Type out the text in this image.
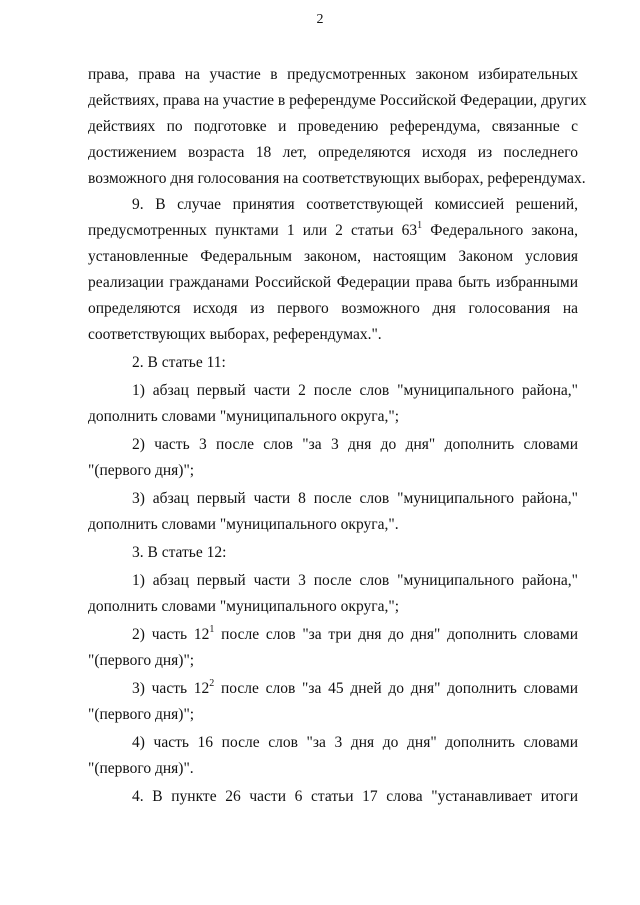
2
права, права на участие в предусмотренных законом избирательных
действиях, права на участие в референдуме Российской Федерации, других
действиях по подготовке и проведению референдума, связанные с
достижением возраста 18 лет, определяются исходя из последнего
возможного дня голосования на соответствующих выборах, референдумах.
9. В случае принятия соответствующей комиссией решений,
предусмотренных пунктами 1 или 2 статьи $63^1$ Федерального закона,
установленные Федеральным законом, настоящим Законом условия
реализации гражданами Российской Федерации права быть избранными
определяются исходя из первого возможного дня голосования на
соответствующих выборах, референдумах.".
2. В статье 11:
1) абзац первый части 2 после слов "муниципального района,"
дополнить словами "муниципального округа,";
2) часть 3 после слов "за 3 дня до дня" дополнить словами
"(первого дня)";
3) абзац первый части 8 после слов "муниципального района,"
дополнить словами "муниципального округа,".
3. В статье 12:
1) абзац первый части 3 после слов "муниципального района,"
дополнить словами "муниципального округа,";
2) часть $12^1$ после слов "за три дня до дня" дополнить словами
"(первого дня)";
3) часть $12^2$ после слов "за 45 дней до дня" дополнить словами
"(первого дня)";
4) часть 16 после слов "за 3 дня до дня" дополнить словами
"(первого дня)".
4. В пункте 26 части 6 статьи 17 слова "устанавливает итоги
